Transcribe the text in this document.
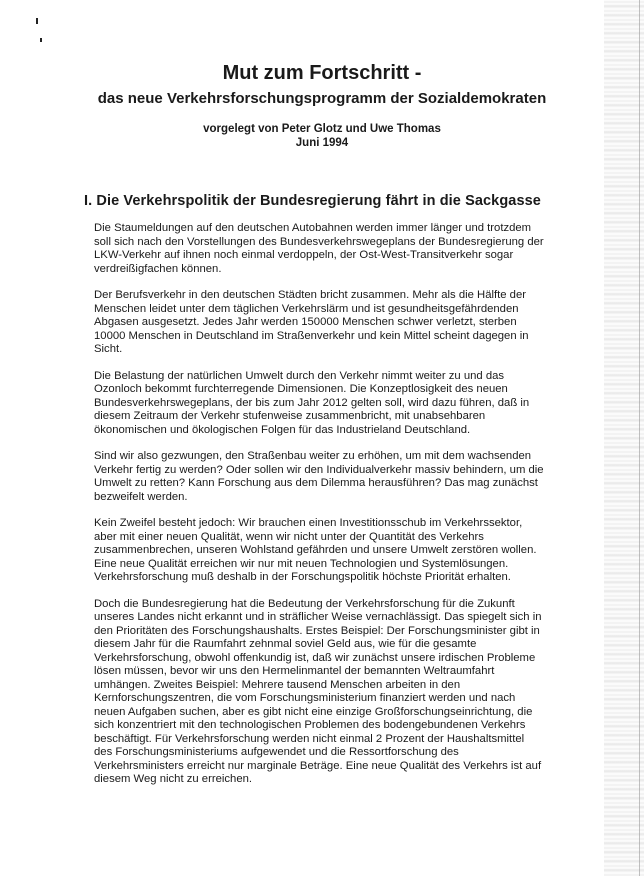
Mut zum Fortschritt -
das neue Verkehrsforschungsprogramm der Sozialdemokraten
vorgelegt von Peter Glotz und Uwe Thomas
Juni 1994
I. Die Verkehrspolitik der Bundesregierung fährt in die Sackgasse

Die Staumeldungen auf den deutschen Autobahnen werden immer länger und trotzdem soll sich nach den Vorstellungen des Bundesverkehrswegeplans der Bundesregierung der LKW-Verkehr auf ihnen noch einmal verdoppeln, der Ost-West-Transitverkehr sogar verdreißigfachen können.

Der Berufsverkehr in den deutschen Städten bricht zusammen. Mehr als die Hälfte der Menschen leidet unter dem täglichen Verkehrslärm und ist gesundheitsgefährdenden Abgasen ausgesetzt. Jedes Jahr werden 150000 Menschen schwer verletzt, sterben 10000 Menschen in Deutschland im Straßenverkehr und kein Mittel scheint dagegen in Sicht.

Die Belastung der natürlichen Umwelt durch den Verkehr nimmt weiter zu und das Ozonloch bekommt furchterregende Dimensionen. Die Konzeptlosigkeit des neuen Bundesverkehrswegeplans, der bis zum Jahr 2012 gelten soll, wird dazu führen, daß in diesem Zeitraum der Verkehr stufenweise zusammenbricht, mit unabsehbaren ökonomischen und ökologischen Folgen für das Industrieland Deutschland.

Sind wir also gezwungen, den Straßenbau weiter zu erhöhen, um mit dem wachsenden Verkehr fertig zu werden? Oder sollen wir den Individualverkehr massiv behindern, um die Umwelt zu retten? Kann Forschung aus dem Dilemma herausführen? Das mag zunächst bezweifelt werden.

Kein Zweifel besteht jedoch: Wir brauchen einen Investitionsschub im Verkehrssektor, aber mit einer neuen Qualität, wenn wir nicht unter der Quantität des Verkehrs zusammenbrechen, unseren Wohlstand gefährden und unsere Umwelt zerstören wollen. Eine neue Qualität erreichen wir nur mit neuen Technologien und Systemlösungen. Verkehrsforschung muß deshalb in der Forschungspolitik höchste Priorität erhalten.

Doch die Bundesregierung hat die Bedeutung der Verkehrsforschung für die Zukunft unseres Landes nicht erkannt und in sträflicher Weise vernachlässigt. Das spiegelt sich in den Prioritäten des Forschungshaushalts. Erstes Beispiel: Der Forschungsminister gibt in diesem Jahr für die Raumfahrt zehnmal soviel Geld aus, wie für die gesamte Verkehrsforschung, obwohl offenkundig ist, daß wir zunächst unsere irdischen Probleme lösen müssen, bevor wir uns den Hermelinmantel der bemannten Weltraumfahrt umhängen. Zweites Beispiel: Mehrere tausend Menschen arbeiten in den Kernforschungszentren, die vom Forschungsministerium finanziert werden und nach neuen Aufgaben suchen, aber es gibt nicht eine einzige Großforschungseinrichtung, die sich konzentriert mit den technologischen Problemen des bodengebundenen Verkehrs beschäftigt. Für Verkehrsforschung werden nicht einmal 2 Prozent der Haushaltsmittel des Forschungsministeriums aufgewendet und die Ressortforschung des Verkehrsministers erreicht nur marginale Beträge. Eine neue Qualität des Verkehrs ist auf diesem Weg nicht zu erreichen.
